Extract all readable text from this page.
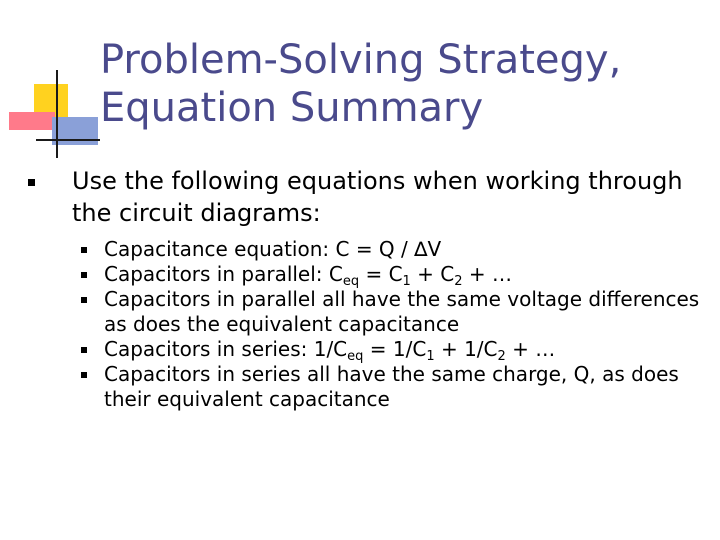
Problem-Solving Strategy,
Equation Summary
Use the following equations when working through the circuit diagrams:
Capacitance equation: C = Q / ∆V
Capacitors in parallel: $C_{eq} = C_1 + C_2$ + …
Capacitors in parallel all have the same voltage differences as does the equivalent capacitance
Capacitors in series: $1/C_{eq} = 1/C_1 + 1/C_2$ + …
Capacitors in series all have the same charge, Q, as does their equivalent capacitance
